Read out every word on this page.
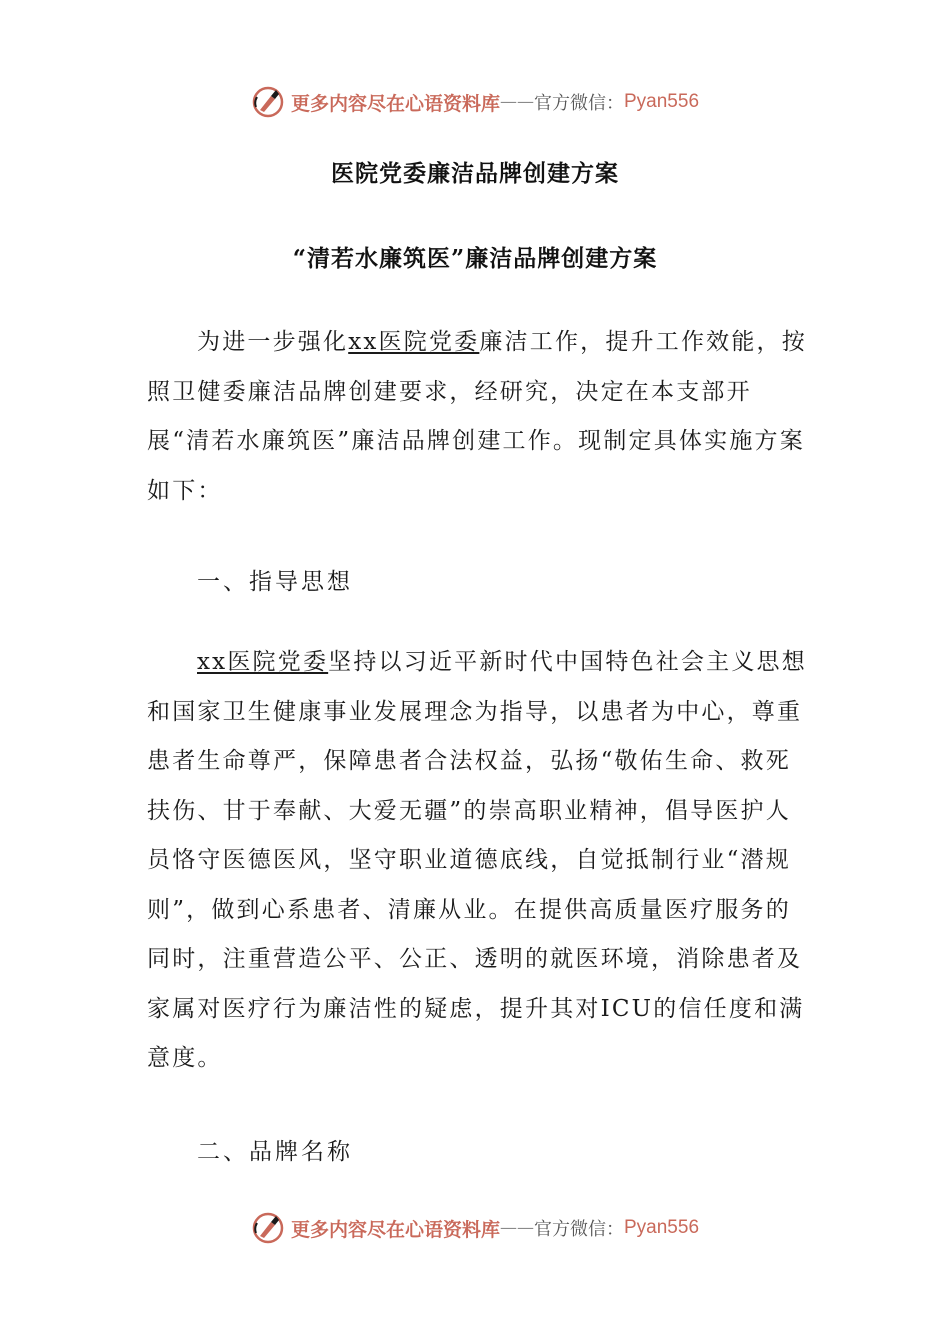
更多内容尽在心语资料库 —— 官方微信： Pyan556
医院党委廉洁品牌创建方案
“清若水廉筑医”廉洁品牌创建方案

为进一步强化xx医院党委廉洁工作，提升工作效能，按照卫健委廉洁品牌创建要求，经研究，决定在本支部开展“清若水廉筑医”廉洁品牌创建工作。现制定具体实施方案如下：

一、指导思想

xx医院党委坚持以习近平新时代中国特色社会主义思想和国家卫生健康事业发展理念为指导，以患者为中心，尊重患者生命尊严，保障患者合法权益，弘扬“敬佑生命、救死扶伤、甘于奉献、大爱无疆”的崇高职业精神，倡导医护人员恪守医德医风，坚守职业道德底线，自觉抵制行业“潜规则”，做到心系患者、清廉从业。在提供高质量医疗服务的同时，注重营造公平、公正、透明的就医环境，消除患者及家属对医疗行为廉洁性的疑虑，提升其对ICU的信任度和满意度。

二、品牌名称
更多内容尽在心语资料库 —— 官方微信： Pyan556
